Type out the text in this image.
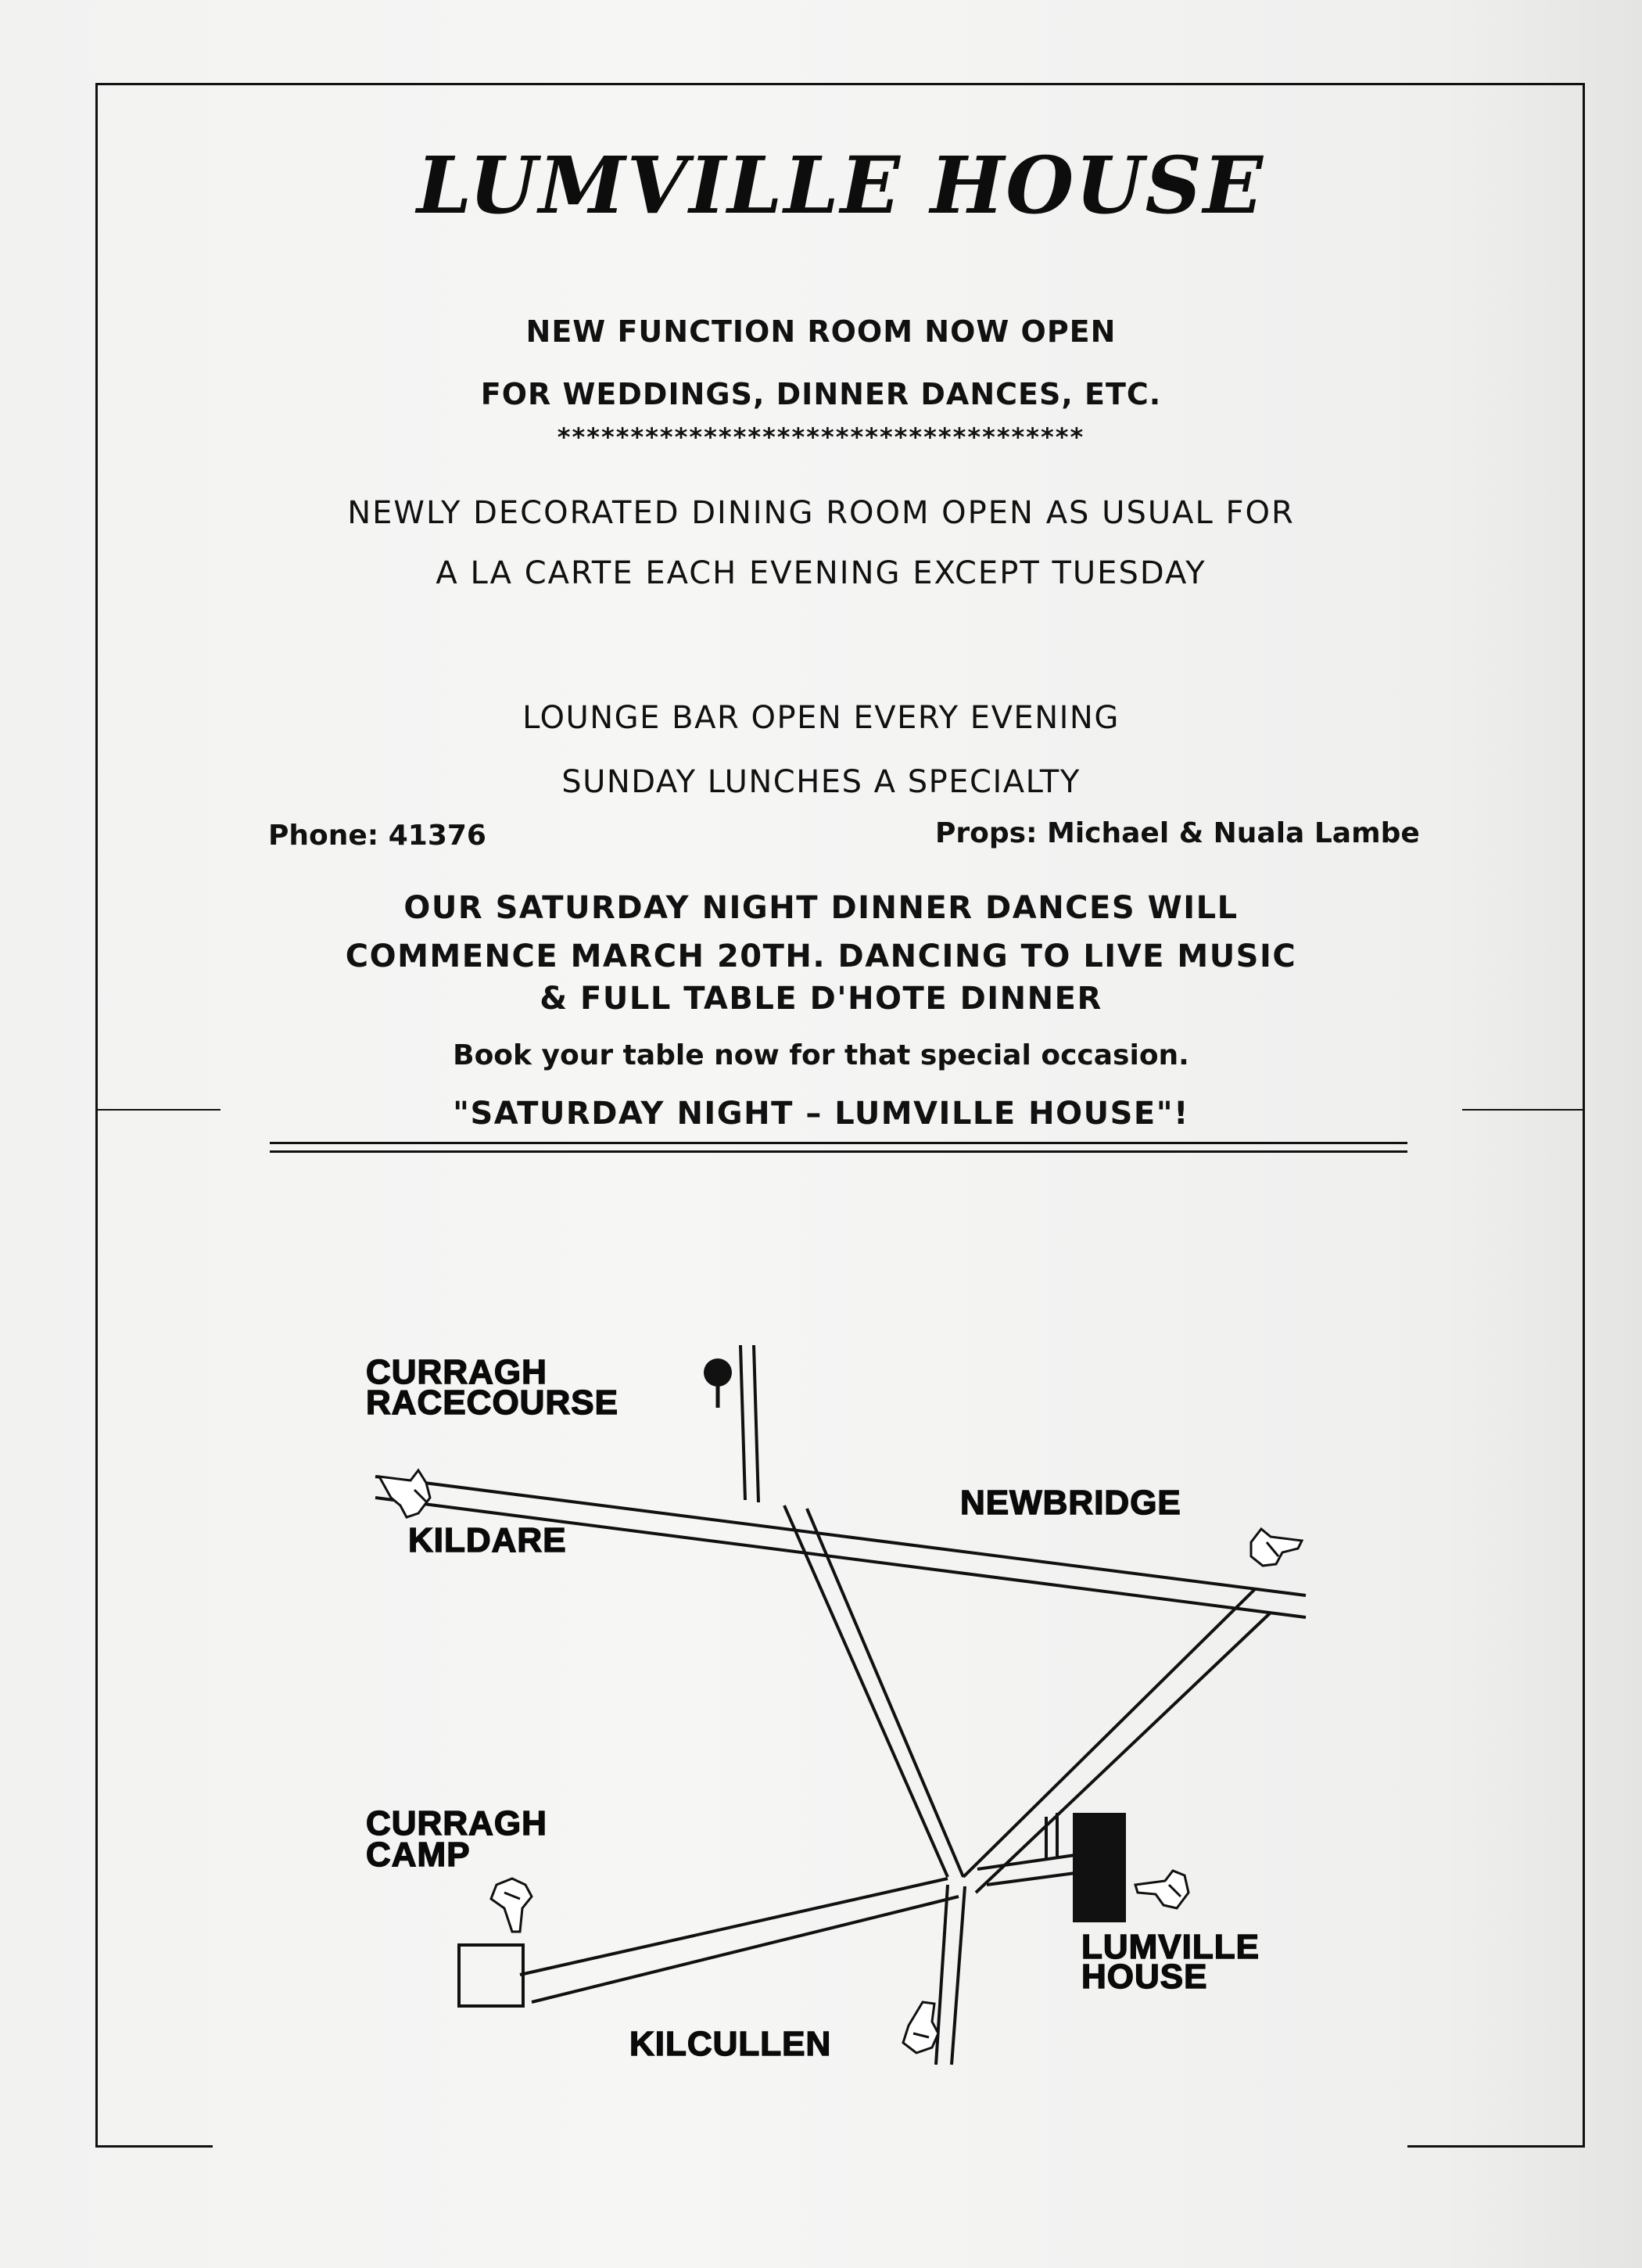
LUMVILLE HOUSE
NEW FUNCTION ROOM NOW OPEN
FOR WEDDINGS, DINNER DANCES, ETC.
************************************
NEWLY DECORATED DINING ROOM OPEN AS USUAL FOR
A LA CARTE EACH EVENING EXCEPT TUESDAY
LOUNGE BAR OPEN EVERY EVENING
SUNDAY LUNCHES A SPECIALTY
Phone: 41376	Props: Michael & Nuala Lambe
OUR SATURDAY NIGHT DINNER DANCES WILL
COMMENCE MARCH 20TH. DANCING TO LIVE MUSIC
& FULL TABLE D'HOTE DINNER
Book your table now for that special occasion.
"SATURDAY NIGHT – LUMVILLE HOUSE"!
CURRAGH
RACECOURSE
KILDARE
NEWBRIDGE
CURRAGH
CAMP
LUMVILLE
HOUSE
KILCULLEN
